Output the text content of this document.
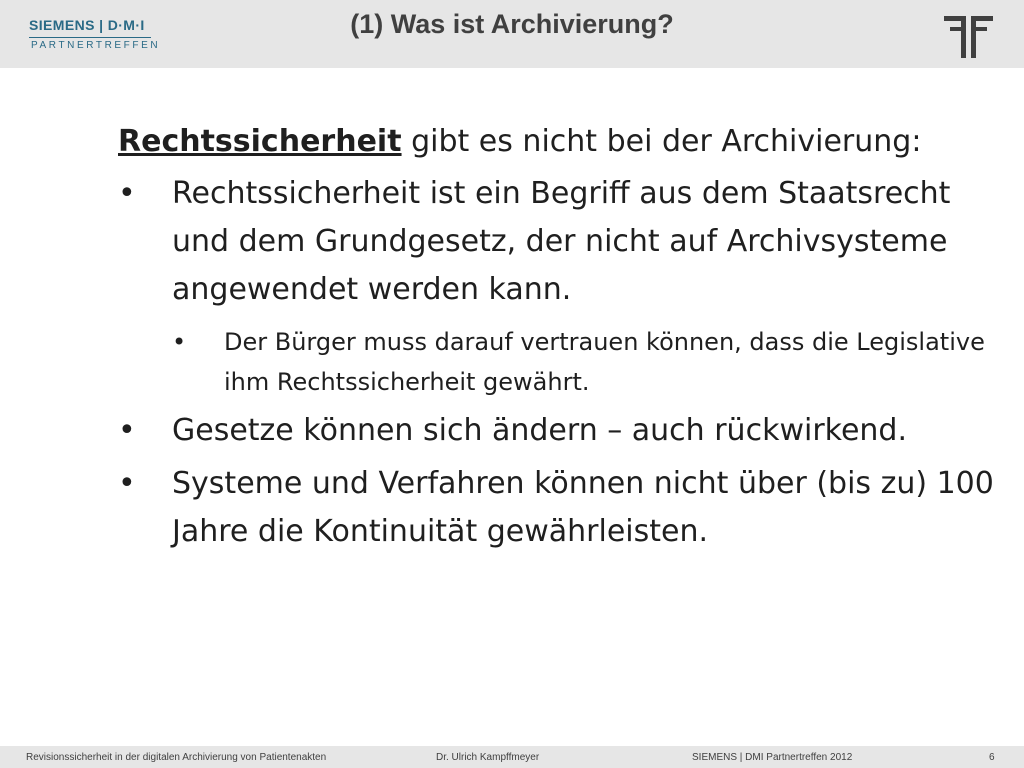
SIEMENS | D·M·I
PARTNERTREFFEN
(1) Was ist Archivierung?

Rechtssicherheit gibt es nicht bei der Archivierung:

• Rechtssicherheit ist ein Begriff aus dem Staatsrecht und dem Grundgesetz, der nicht auf Archivsysteme angewendet werden kann.
• Der Bürger muss darauf vertrauen können, dass die Legislative ihm Rechtssicherheit gewährt.
• Gesetze können sich ändern – auch rückwirkend.
• Systeme und Verfahren können nicht über (bis zu) 100 Jahre die Kontinuität gewährleisten.
Revisionssicherheit in der digitalen Archivierung von Patientenakten	Dr. Ulrich Kampffmeyer	SIEMENS | DMI Partnertreffen 2012	6
